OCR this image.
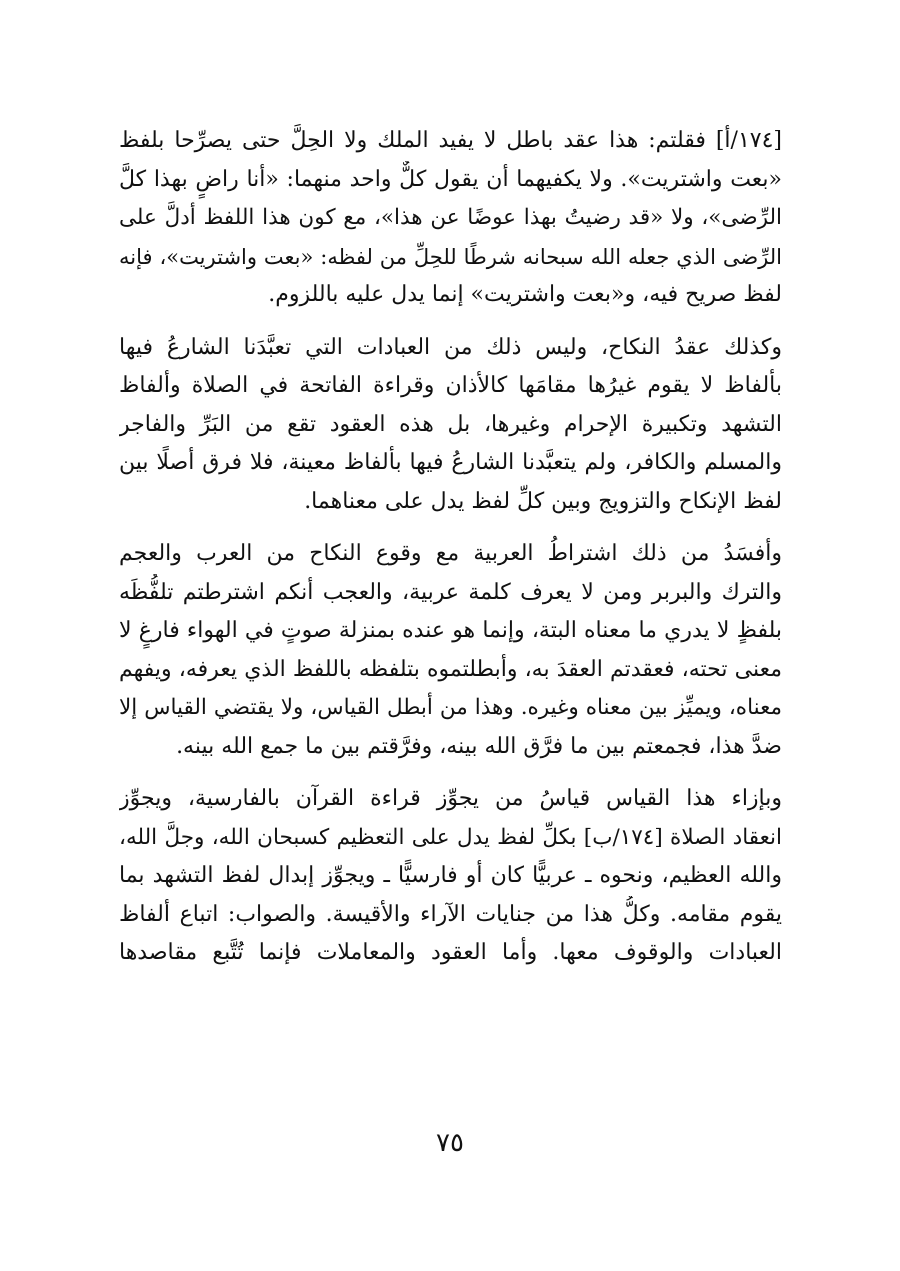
[١٧٤/أ] فقلتم: هذا عقد باطل لا يفيد الملك ولا الحِلَّ حتى يصرِّحا بلفظ
«بعت واشتريت». ولا يكفيهما أن يقول كلٌّ واحد منهما: «أنا راضٍ بهذا كلَّ
الرِّضى»، ولا «قد رضيتُ بهذا عوضًا عن هذا»، مع كون هذا اللفظ أدلَّ على
الرِّضى الذي جعله الله سبحانه شرطًا للحِلِّ من لفظه: «بعت واشتريت»، فإنه
لفظ صريح فيه، و«بعت واشتريت» إنما يدل عليه باللزوم.
وكذلك عقدُ النكاح، وليس ذلك من العبادات التي تعبَّدَنا الشارعُ فيها
بألفاظ لا يقوم غيرُها مقامَها كالأذان وقراءة الفاتحة في الصلاة وألفاظ
التشهد وتكبيرة الإحرام وغيرها، بل هذه العقود تقع من البَرِّ والفاجر
والمسلم والكافر، ولم يتعبَّدنا الشارعُ فيها بألفاظ معينة، فلا فرق أصلًا بين
لفظ الإنكاح والتزويج وبين كلِّ لفظ يدل على معناهما.
وأفسَدُ من ذلك اشتراطُ العربية مع وقوع النكاح من العرب والعجم
والترك والبربر ومن لا يعرف كلمة عربية، والعجب أنكم اشترطتم تلفُّظَه
بلفظٍ لا يدري ما معناه البتة، وإنما هو عنده بمنزلة صوتٍ في الهواء فارغٍ لا
معنى تحته، فعقدتم العقدَ به، وأبطلتموه بتلفظه باللفظ الذي يعرفه، ويفهم
معناه، ويميِّز بين معناه وغيره. وهذا من أبطل القياس، ولا يقتضي القياس إلا
ضدَّ هذا، فجمعتم بين ما فرَّق الله بينه، وفرَّقتم بين ما جمع الله بينه.
وبإزاء هذا القياس قياسُ من يجوِّز قراءة القرآن بالفارسية، ويجوِّز
انعقاد الصلاة [١٧٤/ب] بكلِّ لفظ يدل على التعظيم كسبحان الله، وجلَّ الله،
والله العظيم، ونحوه ـ عربيًّا كان أو فارسيًّا ـ ويجوِّز إبدال لفظ التشهد بما
يقوم مقامه. وكلُّ هذا من جنايات الآراء والأقيسة. والصواب: اتباع ألفاظ
العبادات والوقوف معها. وأما العقود والمعاملات فإنما تُتَّبع مقاصدها
٧٥
